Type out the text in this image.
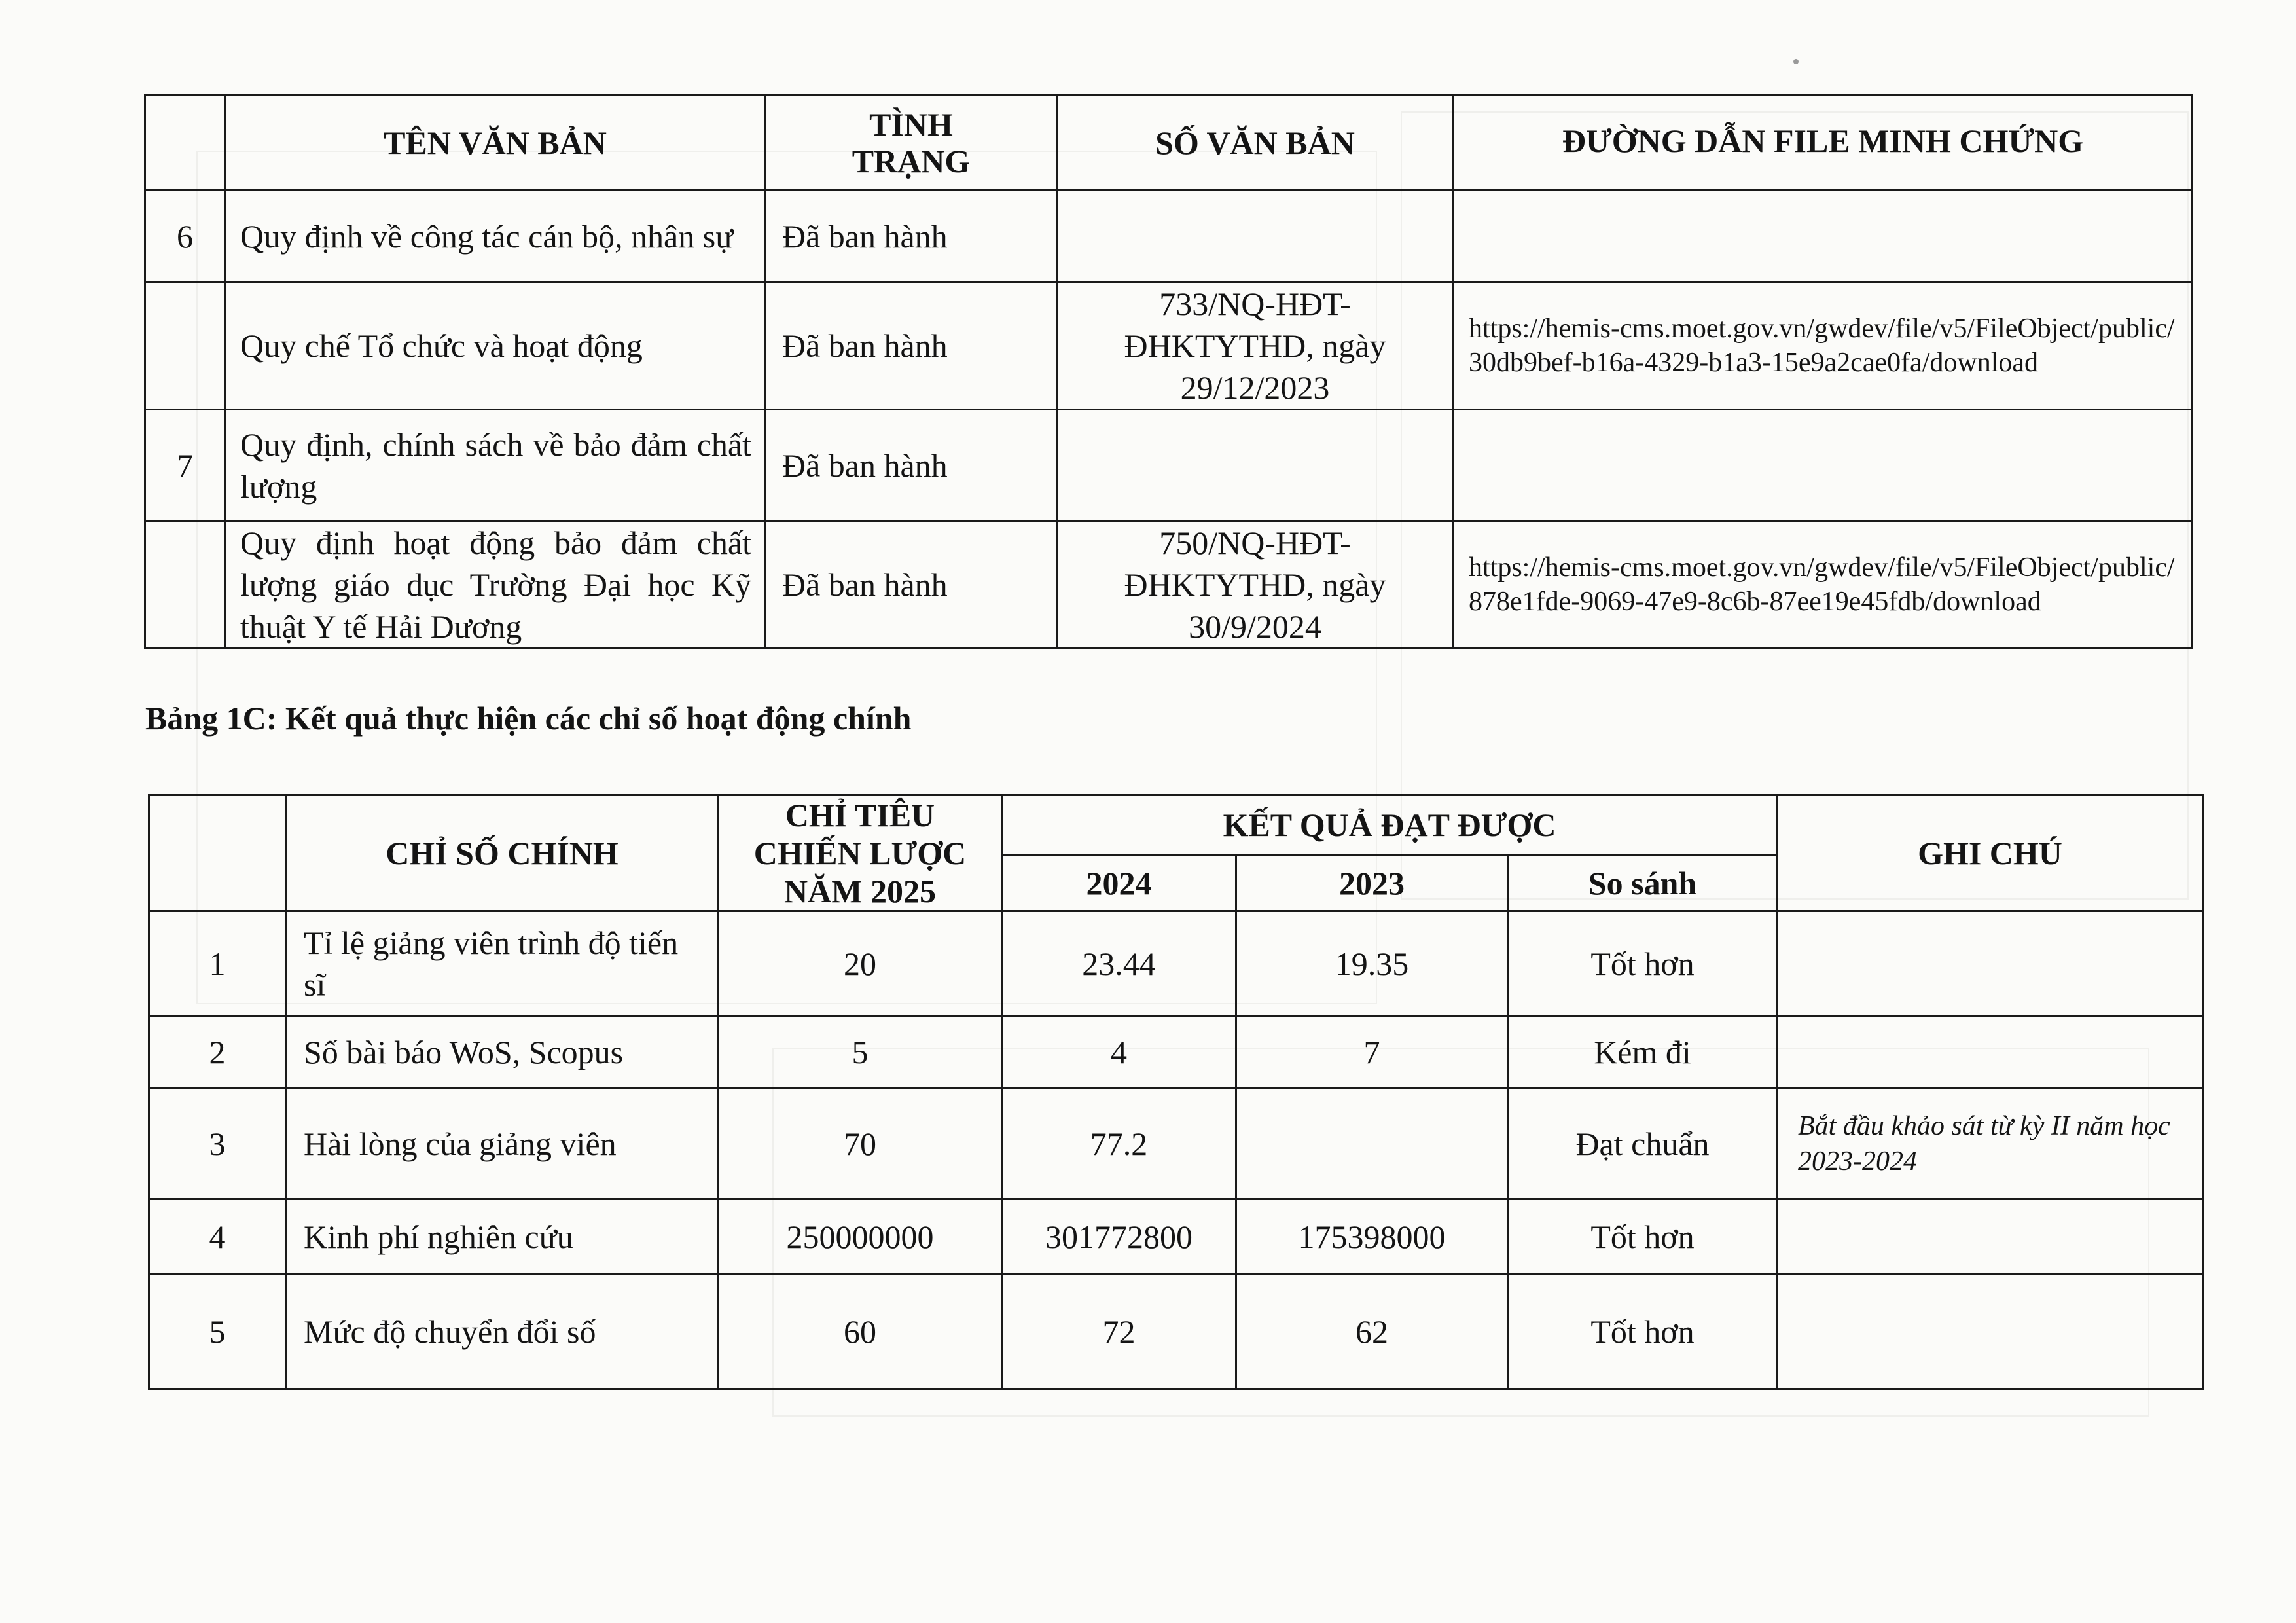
	TÊN VĂN BẢN	TÌNH TRẠNG	SỐ VĂN BẢN	ĐƯỜNG DẪN FILE MINH CHỨNG
6	Quy định về công tác cán bộ, nhân sự	Đã ban hành		
	Quy chế Tổ chức và hoạt động	Đã ban hành	733/NQ-HĐT-ĐHKTYTHD, ngày 29/12/2023	https://hemis-cms.moet.gov.vn/gwdev/file/v5/FileObject/public/30db9bef-b16a-4329-b1a3-15e9a2cae0fa/download
7	Quy định, chính sách về bảo đảm chất lượng	Đã ban hành		
	Quy định hoạt động bảo đảm chất lượng giáo dục Trường Đại học Kỹ thuật Y tế Hải Dương	Đã ban hành	750/NQ-HĐT-ĐHKTYTHD, ngày 30/9/2024	https://hemis-cms.moet.gov.vn/gwdev/file/v5/FileObject/public/878e1fde-9069-47e9-8c6b-87ee19e45fdb/download
Bảng 1C: Kết quả thực hiện các chỉ số hoạt động chính
	CHỈ SỐ CHÍNH	CHỈ TIÊU CHIẾN LƯỢC NĂM 2025	KẾT QUẢ ĐẠT ĐƯỢC			GHI CHÚ
			2024	2023	So sánh	
1	Tỉ lệ giảng viên trình độ tiến sĩ	20	23.44	19.35	Tốt hơn	
2	Số bài báo WoS, Scopus	5	4	7	Kém đi	
3	Hài lòng của giảng viên	70	77.2		Đạt chuẩn	Bắt đầu khảo sát từ kỳ II năm học 2023-2024
4	Kinh phí nghiên cứu	250000000	301772800	175398000	Tốt hơn	
5	Mức độ chuyển đổi số	60	72	62	Tốt hơn	
